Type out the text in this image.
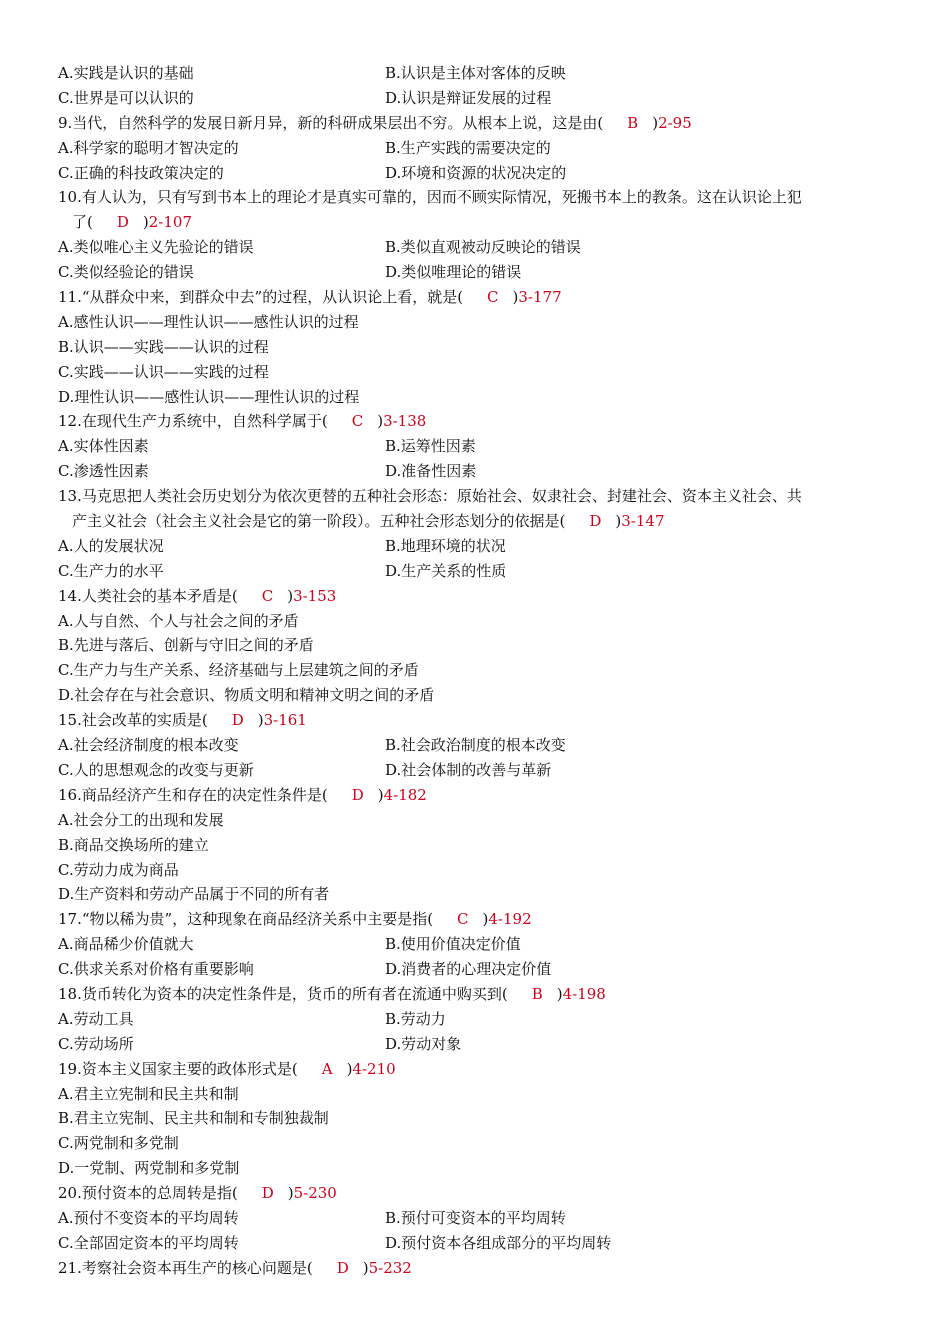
A.实践是认识的基础	B.认识是主体对客体的反映
C.世界是可以认识的	D.认识是辩证发展的过程
9.当代，自然科学的发展日新月异，新的科研成果层出不穷。从根本上说，这是由( B )2-95
A.科学家的聪明才智决定的	B.生产实践的需要决定的
C.正确的科技政策决定的	D.环境和资源的状况决定的
10.有人认为，只有写到书本上的理论才是真实可靠的，因而不顾实际情况，死搬书本上的教条。这在认识论上犯
了( D )2-107
A.类似唯心主义先验论的错误	B.类似直观被动反映论的错误
C.类似经验论的错误	D.类似唯理论的错误
11.“从群众中来，到群众中去”的过程，从认识论上看，就是( C )3-177
A.感性认识——理性认识——感性认识的过程
B.认识——实践——认识的过程
C.实践——认识——实践的过程
D.理性认识——感性认识——理性认识的过程
12.在现代生产力系统中，自然科学属于( C )3-138
A.实体性因素	B.运筹性因素
C.渗透性因素	D.准备性因素
13.马克思把人类社会历史划分为依次更替的五种社会形态：原始社会、奴隶社会、封建社会、资本主义社会、共
产主义社会（社会主义社会是它的第一阶段）。五种社会形态划分的依据是( D )3-147
A.人的发展状况	B.地理环境的状况
C.生产力的水平	D.生产关系的性质
14.人类社会的基本矛盾是( C )3-153
A.人与自然、个人与社会之间的矛盾
B.先进与落后、创新与守旧之间的矛盾
C.生产力与生产关系、经济基础与上层建筑之间的矛盾
D.社会存在与社会意识、物质文明和精神文明之间的矛盾
15.社会改革的实质是( D )3-161
A.社会经济制度的根本改变	B.社会政治制度的根本改变
C.人的思想观念的改变与更新	D.社会体制的改善与革新
16.商品经济产生和存在的决定性条件是( D )4-182
A.社会分工的出现和发展
B.商品交换场所的建立
C.劳动力成为商品
D.生产资料和劳动产品属于不同的所有者
17.“物以稀为贵”，这种现象在商品经济关系中主要是指( C )4-192
A.商品稀少价值就大	B.使用价值决定价值
C.供求关系对价格有重要影响	D.消费者的心理决定价值
18.货币转化为资本的决定性条件是，货币的所有者在流通中购买到( B )4-198
A.劳动工具	B.劳动力
C.劳动场所	D.劳动对象
19.资本主义国家主要的政体形式是( A )4-210
A.君主立宪制和民主共和制
B.君主立宪制、民主共和制和专制独裁制
C.两党制和多党制
D.一党制、两党制和多党制
20.预付资本的总周转是指( D )5-230
A.预付不变资本的平均周转	B.预付可变资本的平均周转
C.全部固定资本的平均周转	D.预付资本各组成部分的平均周转
21.考察社会资本再生产的核心问题是( D )5-232
